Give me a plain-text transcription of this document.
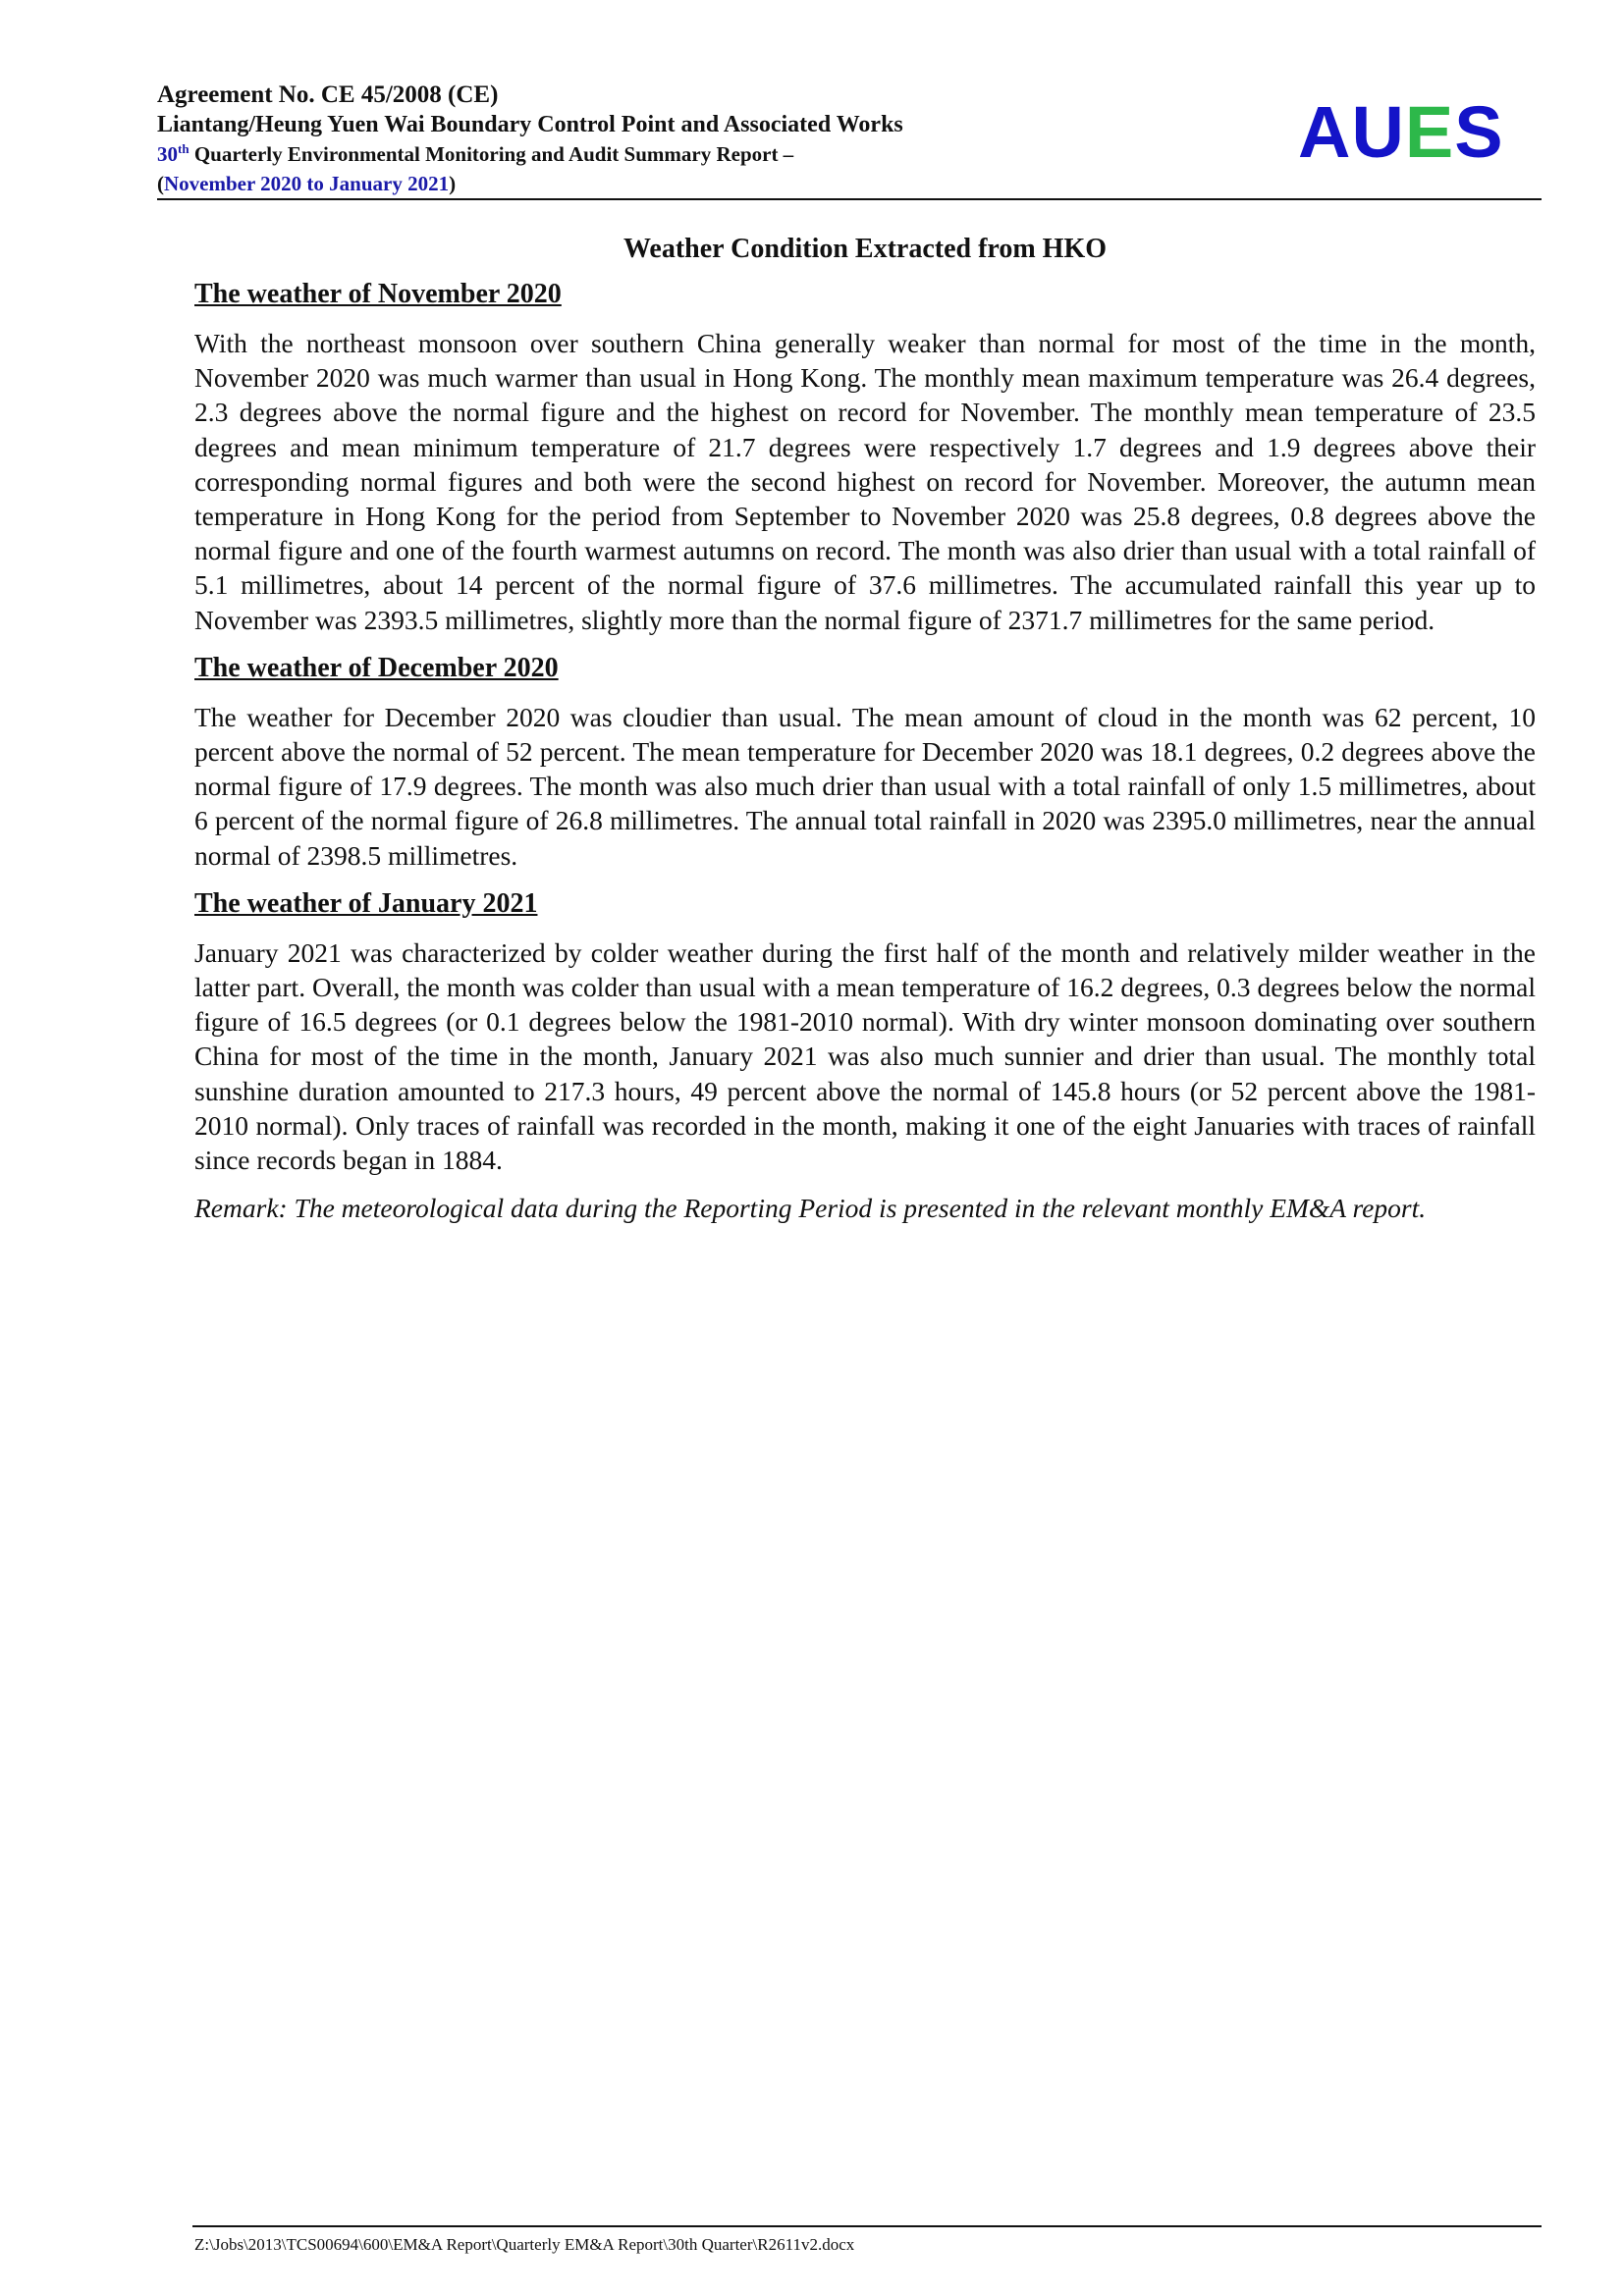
Agreement No. CE 45/2008 (CE)
Liantang/Heung Yuen Wai Boundary Control Point and Associated Works
30th Quarterly Environmental Monitoring and Audit Summary Report –
(November 2020 to January 2021)
AUES
Weather Condition Extracted from HKO
The weather of November 2020

With the northeast monsoon over southern China generally weaker than normal for most of the time in the month, November 2020 was much warmer than usual in Hong Kong. The monthly mean maximum temperature was 26.4 degrees, 2.3 degrees above the normal figure and the highest on record for November. The monthly mean temperature of 23.5 degrees and mean minimum temperature of 21.7 degrees were respectively 1.7 degrees and 1.9 degrees above their corresponding normal figures and both were the second highest on record for November. Moreover, the autumn mean temperature in Hong Kong for the period from September to November 2020 was 25.8 degrees, 0.8 degrees above the normal figure and one of the fourth warmest autumns on record. The month was also drier than usual with a total rainfall of 5.1 millimetres, about 14 percent of the normal figure of 37.6 millimetres. The accumulated rainfall this year up to November was 2393.5 millimetres, slightly more than the normal figure of 2371.7 millimetres for the same period.

The weather of December 2020

The weather for December 2020 was cloudier than usual. The mean amount of cloud in the month was 62 percent, 10 percent above the normal of 52 percent. The mean temperature for December 2020 was 18.1 degrees, 0.2 degrees above the normal figure of 17.9 degrees. The month was also much drier than usual with a total rainfall of only 1.5 millimetres, about 6 percent of the normal figure of 26.8 millimetres. The annual total rainfall in 2020 was 2395.0 millimetres, near the annual normal of 2398.5 millimetres.

The weather of January 2021

January 2021 was characterized by colder weather during the first half of the month and relatively milder weather in the latter part. Overall, the month was colder than usual with a mean temperature of 16.2 degrees, 0.3 degrees below the normal figure of 16.5 degrees (or 0.1 degrees below the 1981-2010 normal). With dry winter monsoon dominating over southern China for most of the time in the month, January 2021 was also much sunnier and drier than usual. The monthly total sunshine duration amounted to 217.3 hours, 49 percent above the normal of 145.8 hours (or 52 percent above the 1981-2010 normal). Only traces of rainfall was recorded in the month, making it one of the eight Januaries with traces of rainfall since records began in 1884.

Remark: The meteorological data during the Reporting Period is presented in the relevant monthly EM&A report.

Z:\Jobs\2013\TCS00694\600\EM&A Report\Quarterly EM&A Report\30th Quarter\R2611v2.docx
